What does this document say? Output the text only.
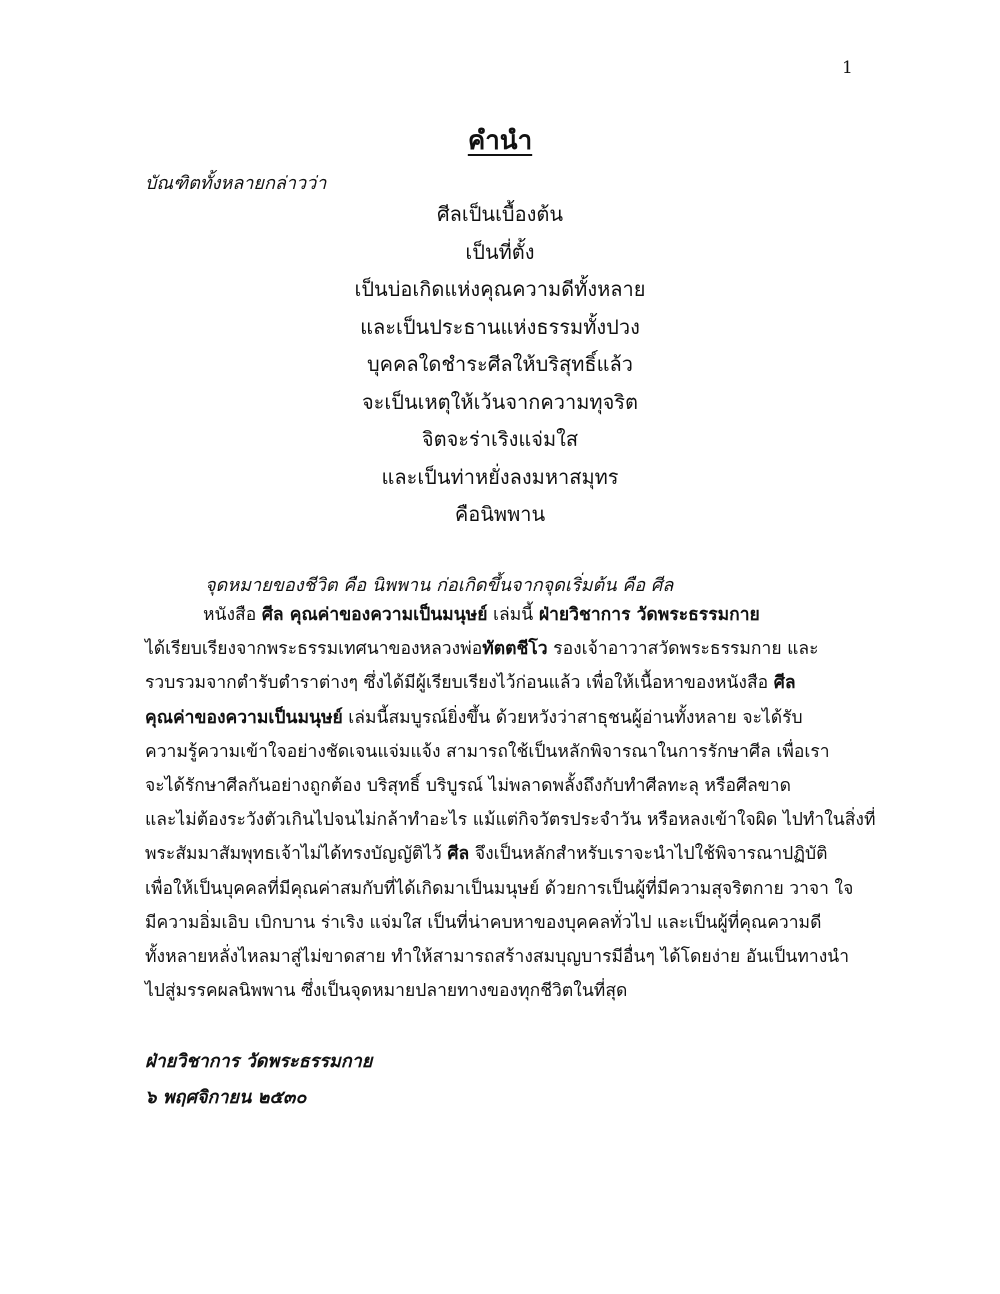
1
คำนำ
บัณฑิตทั้งหลายกล่าวว่า
ศีลเป็นเบื้องต้น
เป็นที่ตั้ง
เป็นบ่อเกิดแห่งคุณความดีทั้งหลาย
และเป็นประธานแห่งธรรมทั้งปวง
บุคคลใดชำระศีลให้บริสุทธิ์แล้ว
จะเป็นเหตุให้เว้นจากความทุจริต
จิตจะร่าเริงแจ่มใส
และเป็นท่าหยั่งลงมหาสมุทร
คือนิพพาน
จุดหมายของชีวิต คือ นิพพาน ก่อเกิดขึ้นจากจุดเริ่มต้น คือ ศีล
หนังสือ ศีล คุณค่าของความเป็นมนุษย์ เล่มนี้ ฝ่ายวิชาการ วัดพระธรรมกาย
ได้เรียบเรียงจากพระธรรมเทศนาของหลวงพ่อทัตตชีโว รองเจ้าอาวาสวัดพระธรรมกาย และ
รวบรวมจากตำรับตำราต่างๆ ซึ่งได้มีผู้เรียบเรียงไว้ก่อนแล้ว เพื่อให้เนื้อหาของหนังสือ ศีล
คุณค่าของความเป็นมนุษย์ เล่มนี้สมบูรณ์ยิ่งขึ้น ด้วยหวังว่าสาธุชนผู้อ่านทั้งหลาย จะได้รับ
ความรู้ความเข้าใจอย่างชัดเจนแจ่มแจ้ง สามารถใช้เป็นหลักพิจารณาในการรักษาศีล เพื่อเรา
จะได้รักษาศีลกันอย่างถูกต้อง บริสุทธิ์ บริบูรณ์ ไม่พลาดพลั้งถึงกับทำศีลทะลุ หรือศีลขาด
และไม่ต้องระวังตัวเกินไปจนไม่กล้าทำอะไร แม้แต่กิจวัตรประจำวัน หรือหลงเข้าใจผิด ไปทำในสิ่งที่
พระสัมมาสัมพุทธเจ้าไม่ได้ทรงบัญญัติไว้ ศีล จึงเป็นหลักสำหรับเราจะนำไปใช้พิจารณาปฏิบัติ
เพื่อให้เป็นบุคคลที่มีคุณค่าสมกับที่ได้เกิดมาเป็นมนุษย์ ด้วยการเป็นผู้ที่มีความสุจริตกาย วาจา ใจ
มีความอิ่มเอิบ เบิกบาน ร่าเริง แจ่มใส เป็นที่น่าคบหาของบุคคลทั่วไป และเป็นผู้ที่คุณความดี
ทั้งหลายหลั่งไหลมาสู่ไม่ขาดสาย ทำให้สามารถสร้างสมบุญบารมีอื่นๆ ได้โดยง่าย อันเป็นทางนำ
ไปสู่มรรคผลนิพพาน ซึ่งเป็นจุดหมายปลายทางของทุกชีวิตในที่สุด
ฝ่ายวิชาการ วัดพระธรรมกาย
๖ พฤศจิกายน ๒๕๓๐
